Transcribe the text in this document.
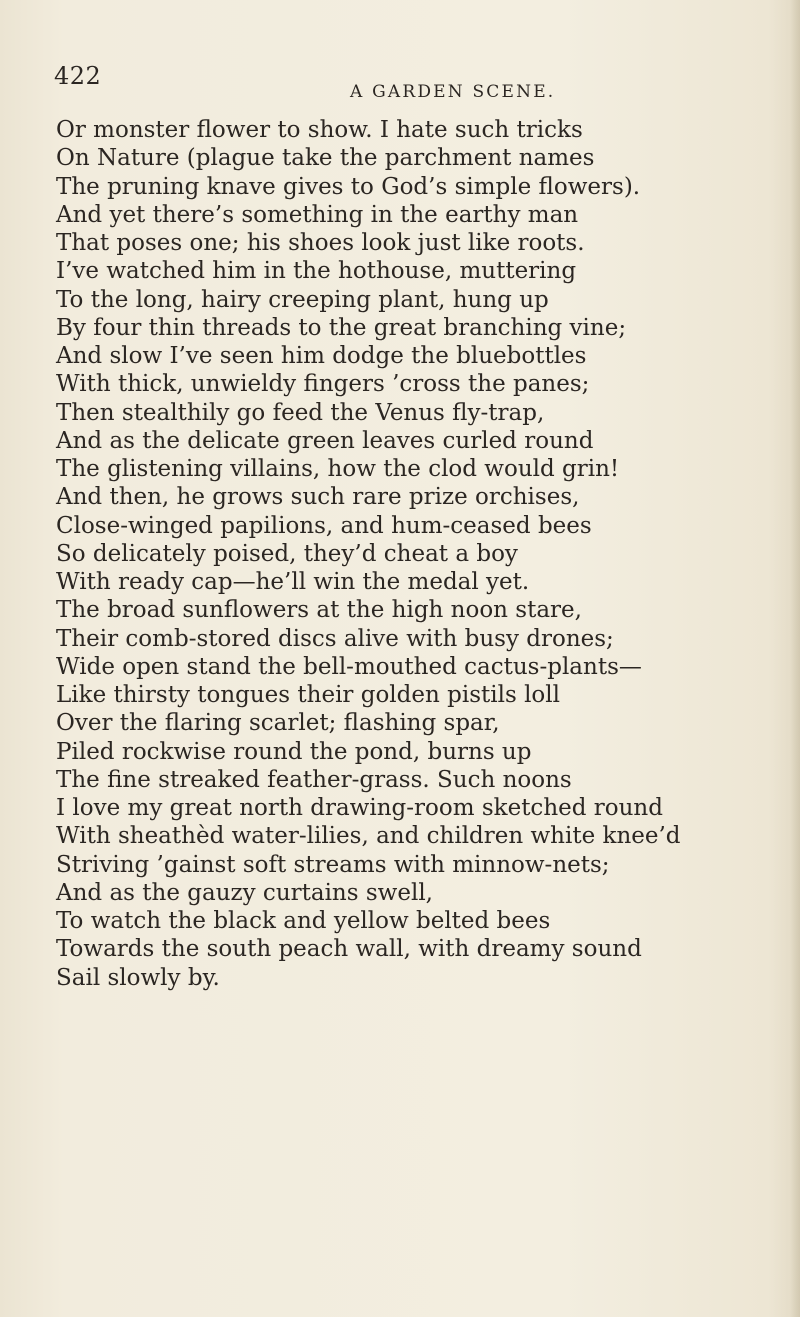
422
A GARDEN SCENE.
Or monster flower to show. I hate such tricks
On Nature (plague take the parchment names
The pruning knave gives to God’s simple flowers).
And yet there’s something in the earthy man
That poses one; his shoes look just like roots.
I’ve watched him in the hothouse, muttering
To the long, hairy creeping plant, hung up
By four thin threads to the great branching vine;
And slow I’ve seen him dodge the bluebottles
With thick, unwieldy fingers ’cross the panes;
Then stealthily go feed the Venus fly-trap,
And as the delicate green leaves curled round
The glistening villains, how the clod would grin!
And then, he grows such rare prize orchises,
Close-winged papilions, and hum-ceased bees
So delicately poised, they’d cheat a boy
With ready cap—he’ll win the medal yet.
The broad sunflowers at the high noon stare,
Their comb-stored discs alive with busy drones;
Wide open stand the bell-mouthed cactus-plants—
Like thirsty tongues their golden pistils loll
Over the flaring scarlet; flashing spar,
Piled rockwise round the pond, burns up
The fine streaked feather-grass. Such noons
I love my great north drawing-room sketched round
With sheathèd water-lilies, and children white knee’d
Striving ’gainst soft streams with minnow-nets;
And as the gauzy curtains swell,
To watch the black and yellow belted bees
Towards the south peach wall, with dreamy sound
Sail slowly by.
